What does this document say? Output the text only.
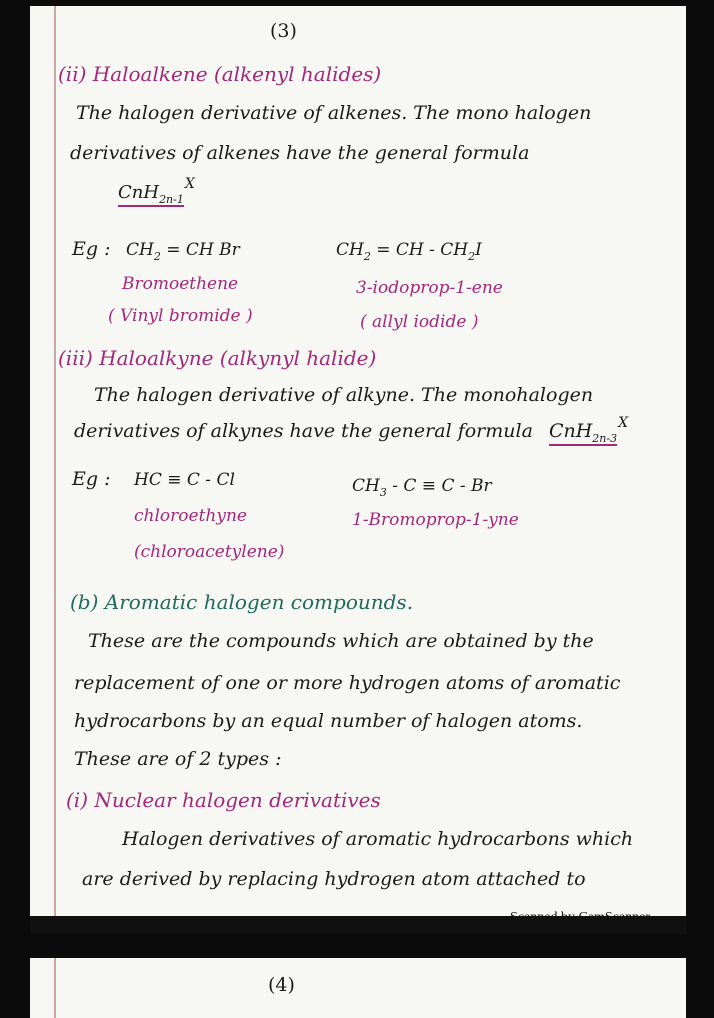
(3)
(ii) Haloalkene (alkenyl halides)
The halogen derivative of alkenes. The mono halogen
derivatives of alkenes have the general formula
CnH$_{2n-1}^X$
Eg : $CH_2$ = CH Br	$CH_2$ = CH - $CH_2I$
Bromoethene	3-iodoprop-1-ene
( Vinyl bromide )	( allyl iodide )
(iii) Haloalkyne (alkynyl halide)
The halogen derivative of alkyne. The monohalogen
derivatives of alkynes have the general formula CnH$_{2n-3}^X$
Eg : HC ≡ C - Cl	$CH_3 - C \equiv C - Br$
chloroethyne	1-Bromoprop-1-yne
(chloroacetylene)
(b) Aromatic halogen compounds.
These are the compounds which are obtained by the
replacement of one or more hydrogen atoms of aromatic
hydrocarbons by an equal number of halogen atoms.
These are of 2 types :
(i) Nuclear halogen derivatives
Halogen derivatives of aromatic hydrocarbons which
are derived by replacing hydrogen atom attached to
Scanned by CamScanner
(4)
